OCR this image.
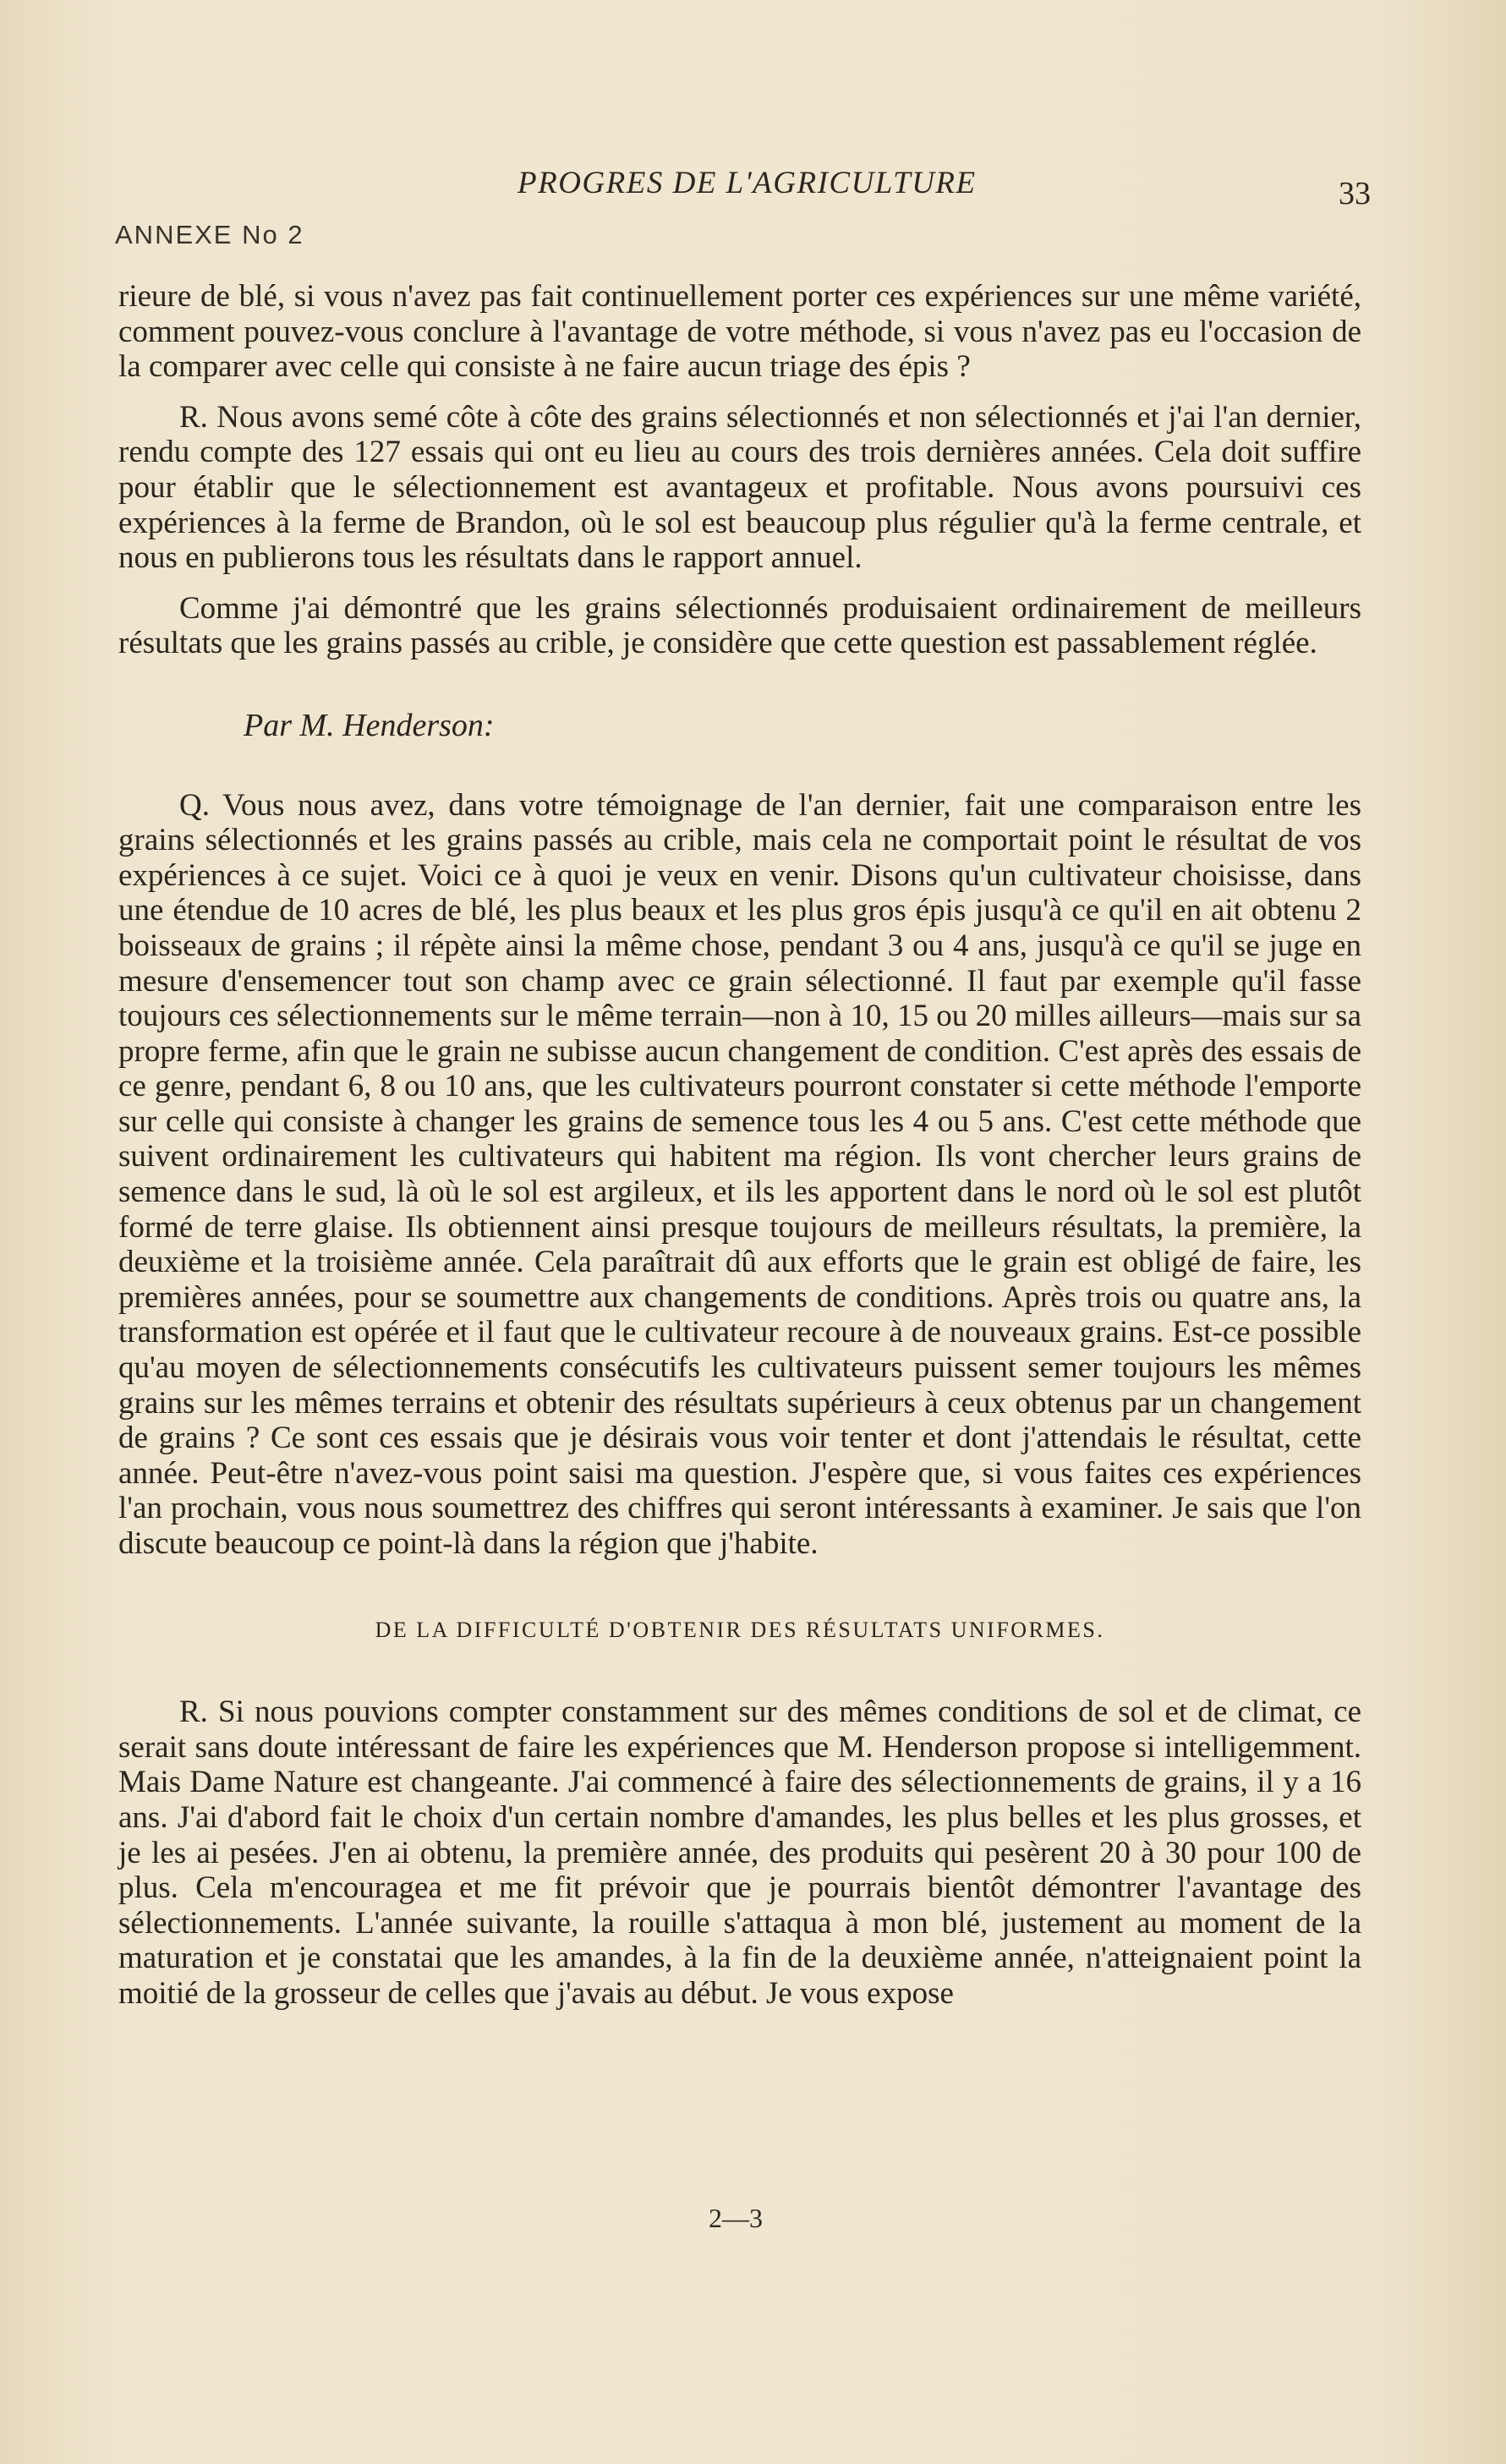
PROGRES DE L'AGRICULTURE	33
ANNEXE No 2

rieure de blé, si vous n'avez pas fait continuellement porter ces expériences sur une même variété, comment pouvez-vous conclure à l'avantage de votre méthode, si vous n'avez pas eu l'occasion de la comparer avec celle qui consiste à ne faire aucun triage des épis ?

R. Nous avons semé côte à côte des grains sélectionnés et non sélectionnés et j'ai l'an dernier, rendu compte des 127 essais qui ont eu lieu au cours des trois dernières années. Cela doit suffire pour établir que le sélectionnement est avantageux et profitable. Nous avons poursuivi ces expériences à la ferme de Brandon, où le sol est beaucoup plus régulier qu'à la ferme centrale, et nous en publierons tous les résultats dans le rapport annuel.

Comme j'ai démontré que les grains sélectionnés produisaient ordinairement de meilleurs résultats que les grains passés au crible, je considère que cette question est passablement réglée.

Par M. Henderson:

Q. Vous nous avez, dans votre témoignage de l'an dernier, fait une comparaison entre les grains sélectionnés et les grains passés au crible, mais cela ne comportait point le résultat de vos expériences à ce sujet. Voici ce à quoi je veux en venir. Disons qu'un cultivateur choisisse, dans une étendue de 10 acres de blé, les plus beaux et les plus gros épis jusqu'à ce qu'il en ait obtenu 2 boisseaux de grains ; il répète ainsi la même chose, pendant 3 ou 4 ans, jusqu'à ce qu'il se juge en mesure d'ensemencer tout son champ avec ce grain sélectionné. Il faut par exemple qu'il fasse toujours ces sélectionnements sur le même terrain—non à 10, 15 ou 20 milles ailleurs—mais sur sa propre ferme, afin que le grain ne subisse aucun changement de condition. C'est après des essais de ce genre, pendant 6, 8 ou 10 ans, que les cultivateurs pourront constater si cette méthode l'emporte sur celle qui consiste à changer les grains de semence tous les 4 ou 5 ans. C'est cette méthode que suivent ordinairement les cultivateurs qui habitent ma région. Ils vont chercher leurs grains de semence dans le sud, là où le sol est argileux, et ils les apportent dans le nord où le sol est plutôt formé de terre glaise. Ils obtiennent ainsi presque toujours de meilleurs résultats, la première, la deuxième et la troisième année. Cela paraîtrait dû aux efforts que le grain est obligé de faire, les premières années, pour se soumettre aux changements de conditions. Après trois ou quatre ans, la transformation est opérée et il faut que le cultivateur recoure à de nouveaux grains. Est-ce possible qu'au moyen de sélectionnements consécutifs les cultivateurs puissent semer toujours les mêmes grains sur les mêmes terrains et obtenir des résultats supérieurs à ceux obtenus par un changement de grains ? Ce sont ces essais que je désirais vous voir tenter et dont j'attendais le résultat, cette année. Peut-être n'avez-vous point saisi ma question. J'espère que, si vous faites ces expériences l'an prochain, vous nous soumettrez des chiffres qui seront intéressants à examiner. Je sais que l'on discute beaucoup ce point-là dans la région que j'habite.

DE LA DIFFICULTÉ D'OBTENIR DES RÉSULTATS UNIFORMES.

R. Si nous pouvions compter constamment sur des mêmes conditions de sol et de climat, ce serait sans doute intéressant de faire les expériences que M. Henderson propose si intelligemment. Mais Dame Nature est changeante. J'ai commencé à faire des sélectionnements de grains, il y a 16 ans. J'ai d'abord fait le choix d'un certain nombre d'amandes, les plus belles et les plus grosses, et je les ai pesées. J'en ai obtenu, la première année, des produits qui pesèrent 20 à 30 pour 100 de plus. Cela m'encouragea et me fit prévoir que je pourrais bientôt démontrer l'avantage des sélectionnements. L'année suivante, la rouille s'attaqua à mon blé, justement au moment de la maturation et je constatai que les amandes, à la fin de la deuxième année, n'atteignaient point la moitié de la grosseur de celles que j'avais au début. Je vous expose

2—3
